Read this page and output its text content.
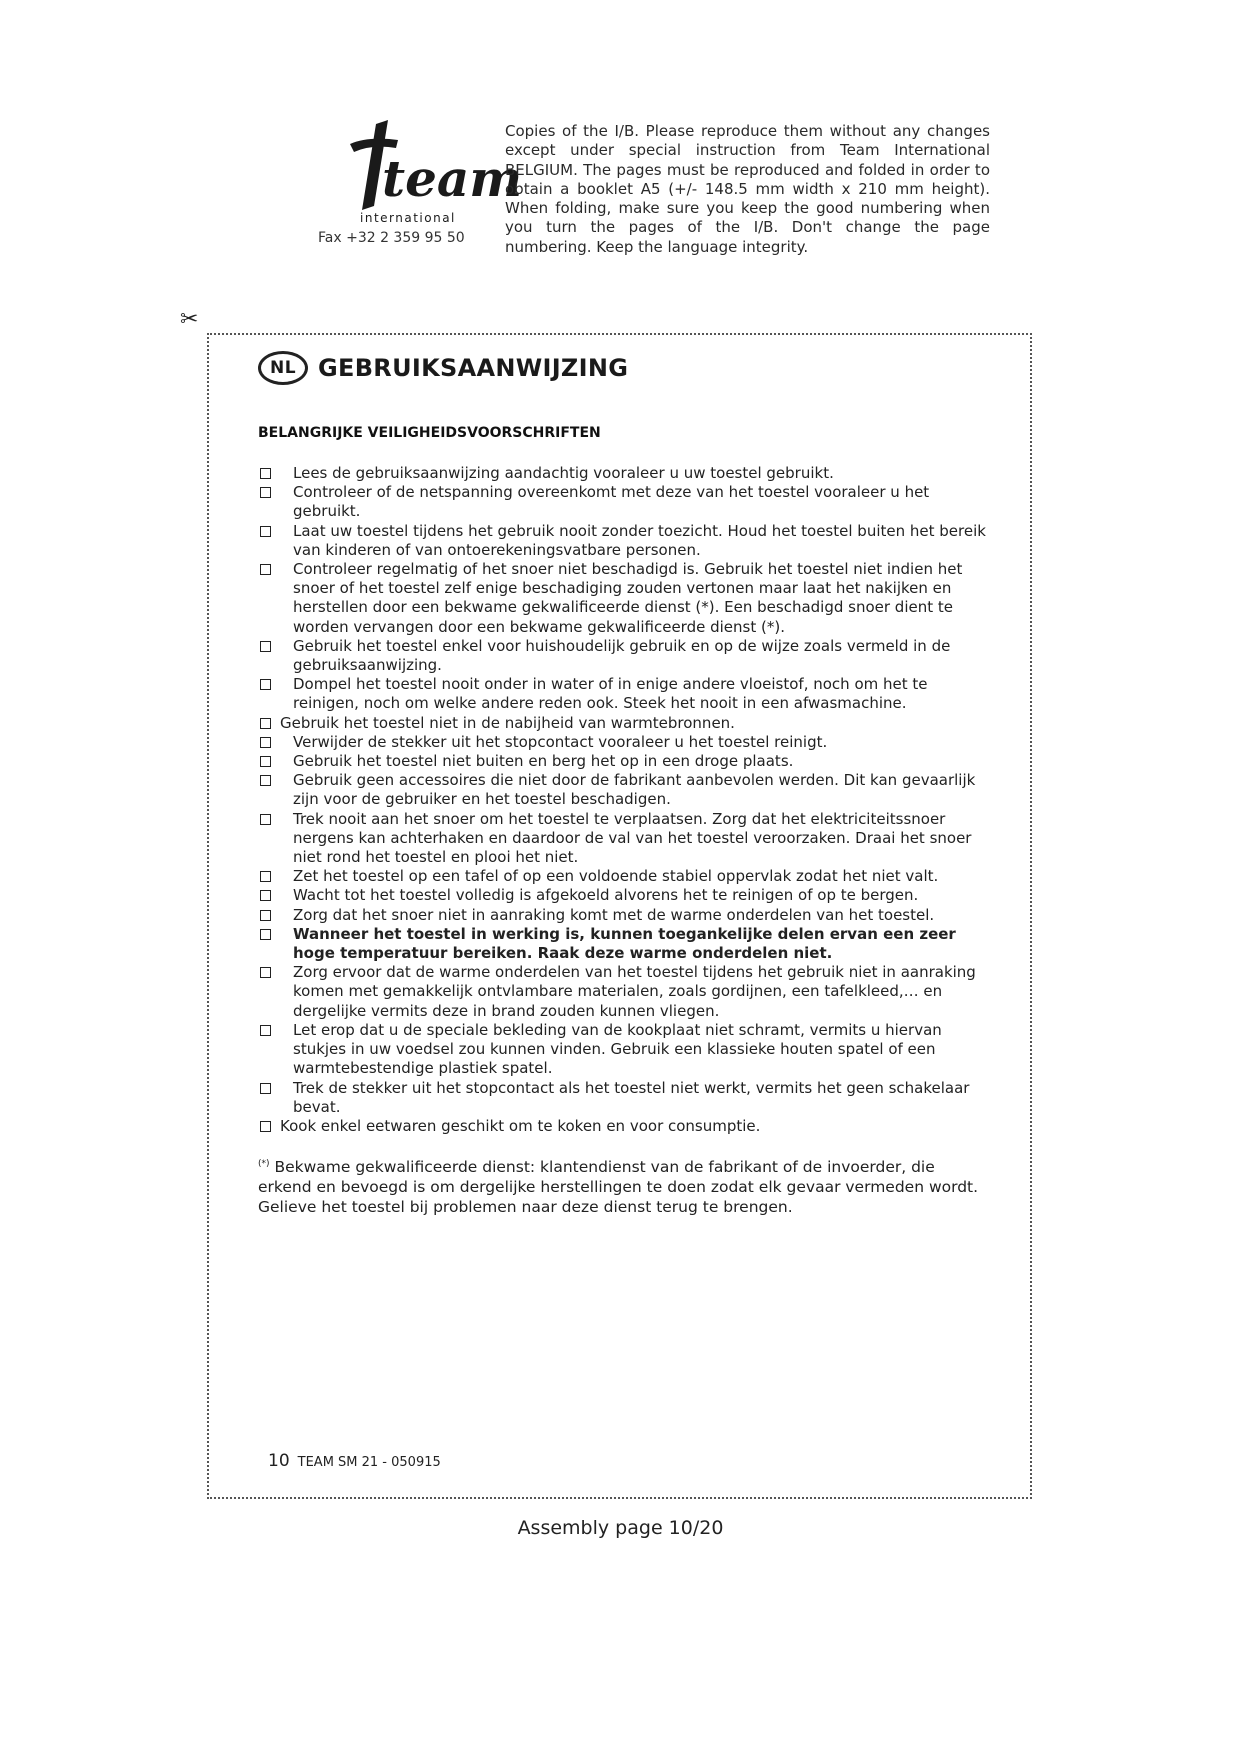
team
international
Fax +32 2 359 95 50
Copies of the I/B. Please reproduce them without any changes except under special instruction from Team International BELGIUM. The pages must be reproduced and folded in order to obtain a booklet A5 (+/- 148.5 mm width x 210 mm height). When folding, make sure you keep the good numbering when you turn the pages of the I/B. Don't change the page numbering. Keep the language integrity.
✂
NL GEBRUIKSAANWIJZING
BELANGRIJKE VEILIGHEIDSVOORSCHRIFTEN
Lees de gebruiksaanwijzing aandachtig vooraleer u uw toestel gebruikt.
Controleer of de netspanning overeenkomt met deze van het toestel vooraleer u het gebruikt.
Laat uw toestel tijdens het gebruik nooit zonder toezicht. Houd het toestel buiten het bereik van kinderen of van ontoerekeningsvatbare personen.
Controleer regelmatig of het snoer niet beschadigd is. Gebruik het toestel niet indien het snoer of het toestel zelf enige beschadiging zouden vertonen maar laat het nakijken en herstellen door een bekwame gekwalificeerde dienst (*). Een beschadigd snoer dient te worden vervangen door een bekwame gekwalificeerde dienst (*).
Gebruik het toestel enkel voor huishoudelijk gebruik en op de wijze zoals vermeld in de gebruiksaanwijzing.
Dompel het toestel nooit onder in water of in enige andere vloeistof, noch om het te reinigen, noch om welke andere reden ook. Steek het nooit in een afwasmachine.
Gebruik het toestel niet in de nabijheid van warmtebronnen.
Verwijder de stekker uit het stopcontact vooraleer u het toestel reinigt.
Gebruik het toestel niet buiten en berg het op in een droge plaats.
Gebruik geen accessoires die niet door de fabrikant aanbevolen werden. Dit kan gevaarlijk zijn voor de gebruiker en het toestel beschadigen.
Trek nooit aan het snoer om het toestel te verplaatsen. Zorg dat het elektriciteitssnoer nergens kan achterhaken en daardoor de val van het toestel veroorzaken. Draai het snoer niet rond het toestel en plooi het niet.
Zet het toestel op een tafel of op een voldoende stabiel oppervlak zodat het niet valt.
Wacht tot het toestel volledig is afgekoeld alvorens het te reinigen of op te bergen.
Zorg dat het snoer niet in aanraking komt met de warme onderdelen van het toestel.
Wanneer het toestel in werking is, kunnen toegankelijke delen ervan een zeer hoge temperatuur bereiken. Raak deze warme onderdelen niet.
Zorg ervoor dat de warme onderdelen van het toestel tijdens het gebruik niet in aanraking komen met gemakkelijk ontvlambare materialen, zoals gordijnen, een tafelkleed,… en dergelijke vermits deze in brand zouden kunnen vliegen.
Let erop dat u de speciale bekleding van de kookplaat niet schramt, vermits u hiervan stukjes in uw voedsel zou kunnen vinden. Gebruik een klassieke houten spatel of een warmtebestendige plastiek spatel.
Trek de stekker uit het stopcontact als het toestel niet werkt, vermits het geen schakelaar bevat.
Kook enkel eetwaren geschikt om te koken en voor consumptie.
(*) Bekwame gekwalificeerde dienst: klantendienst van de fabrikant of de invoerder, die erkend en bevoegd is om dergelijke herstellingen te doen zodat elk gevaar vermeden wordt. Gelieve het toestel bij problemen naar deze dienst terug te brengen.
10 TEAM SM 21 - 050915
Assembly page 10/20
